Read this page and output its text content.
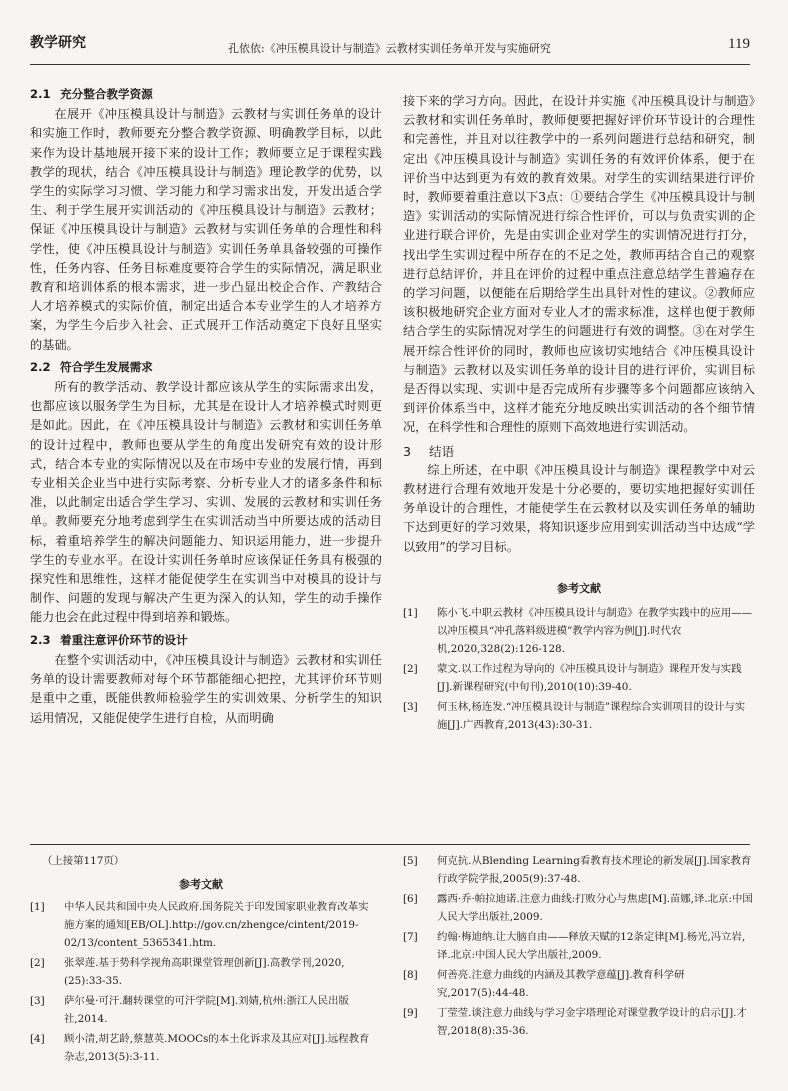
教学研究	孔依依:《冲压模具设计与制造》云教材实训任务单开发与实施研究	119
2.1 充分整合教学资源

在展开《冲压模具设计与制造》云教材与实训任务单的设计和实施工作时，教师要充分整合教学资源、明确教学目标，以此来作为设计基地展开接下来的设计工作；教师要立足于课程实践教学的现状，结合《冲压模具设计与制造》理论教学的优势，以学生的实际学习习惯、学习能力和学习需求出发，开发出适合学生、利于学生展开实训活动的《冲压模具设计与制造》云教材；保证《冲压模具设计与制造》云教材与实训任务单的合理性和科学性，使《冲压模具设计与制造》实训任务单具备较强的可操作性，任务内容、任务目标难度要符合学生的实际情况，满足职业教育和培训体系的根本需求，进一步凸显出校企合作、产教结合人才培养模式的实际价值，制定出适合本专业学生的人才培养方案，为学生今后步入社会、正式展开工作活动奠定下良好且坚实的基础。

2.2 符合学生发展需求

所有的教学活动、教学设计都应该从学生的实际需求出发，也都应该以服务学生为目标，尤其是在设计人才培养模式时则更是如此。因此，在《冲压模具设计与制造》云教材和实训任务单的设计过程中，教师也要从学生的角度出发研究有效的设计形式，结合本专业的实际情况以及在市场中专业的发展行情，再到专业相关企业当中进行实际考察、分析专业人才的诸多条件和标准，以此制定出适合学生学习、实训、发展的云教材和实训任务单。教师要充分地考虑到学生在实训活动当中所要达成的活动目标，着重培养学生的解决问题能力、知识运用能力，进一步提升学生的专业水平。在设计实训任务单时应该保证任务具有极强的探究性和思维性，这样才能促使学生在实训当中对模具的设计与制作、问题的发现与解决产生更为深入的认知，学生的动手操作能力也会在此过程中得到培养和锻炼。

2.3 着重注意评价环节的设计

在整个实训活动中，《冲压模具设计与制造》云教材和实训任务单的设计需要教师对每个环节都能细心把控，尤其评价环节则是重中之重，既能供教师检验学生的实训效果、分析学生的知识运用情况，又能促使学生进行自检，从而明确

接下来的学习方向。因此，在设计并实施《冲压模具设计与制造》云教材和实训任务单时，教师便要把握好评价环节设计的合理性和完善性，并且对以往教学中的一系列问题进行总结和研究，制定出《冲压模具设计与制造》实训任务的有效评价体系，便于在评价当中达到更为有效的教育效果。对学生的实训结果进行评价时，教师要着重注意以下3点：①要结合学生《冲压模具设计与制造》实训活动的实际情况进行综合性评价，可以与负责实训的企业进行联合评价，先是由实训企业对学生的实训情况进行打分，找出学生实训过程中所存在的不足之处，教师再结合自己的观察进行总结评价，并且在评价的过程中重点注意总结学生普遍存在的学习问题，以便能在后期给学生出具针对性的建议。②教师应该积极地研究企业方面对专业人才的需求标准，这样也便于教师结合学生的实际情况对学生的问题进行有效的调整。③在对学生展开综合性评价的同时，教师也应该切实地结合《冲压模具设计与制造》云教材以及实训任务单的设计目的进行评价，实训目标是否得以实现、实训中是否完成所有步骤等多个问题都应该纳入到评价体系当中，这样才能充分地反映出实训活动的各个细节情况，在科学性和合理性的原则下高效地进行实训活动。

3 结语

综上所述，在中职《冲压模具设计与制造》课程教学中对云教材进行合理有效地开发是十分必要的，要切实地把握好实训任务单设计的合理性，才能使学生在云教材以及实训任务单的辅助下达到更好的学习效果，将知识逐步应用到实训活动当中达成“学以致用”的学习目标。

参考文献
[1] 陈小飞.中职云教材《冲压模具设计与制造》在教学实践中的应用——以冲压模具“冲孔落料级进模”教学内容为例[J].时代农机,2020,328(2):126-128.
[2] 蒙文.以工作过程为导向的《冲压模具设计与制造》课程开发与实践[J].新课程研究(中旬刊),2010(10):39-40.
[3] 何玉林,杨连发.“冲压模具设计与制造”课程综合实训项目的设计与实施[J].广西教育,2013(43):30-31.
（上接第117页）
参考文献
[1] 中华人民共和国中央人民政府.国务院关于印发国家职业教育改革实施方案的通知[EB/OL].http://gov.cn/zhengce/cintent/2019-02/13/content_5365341.htm.
[2] 张翠莲.基于势科学视角高职课堂管理创新[J].高教学刊,2020,(25):33-35.
[3] 萨尔曼·可汗.翻转课堂的可汗学院[M].刘婧,杭州:浙江人民出版社,2014.
[4] 顾小清,胡艺龄,蔡慧英.MOOCs的本土化诉求及其应对[J].远程教育杂志,2013(5):3-11.
[5] 何克抗.从Blending Learning看教育技术理论的新发展[J].国家教育行政学院学报,2005(9):37-48.
[6] 露西·乔·帕拉迪诺.注意力曲线:打败分心与焦虑[M].苗娜,译.北京:中国人民大学出版社,2009.
[7] 约翰·梅迪纳.让大脑自由——释放天赋的12条定律[M].杨光,冯立岩,译.北京:中国人民大学出版社,2009.
[8] 何善亮.注意力曲线的内涵及其教学意蕴[J].教育科学研究,2017(5):44-48.
[9] 丁莹莹.谈注意力曲线与学习金字塔理论对课堂教学设计的启示[J].才智,2018(8):35-36.
